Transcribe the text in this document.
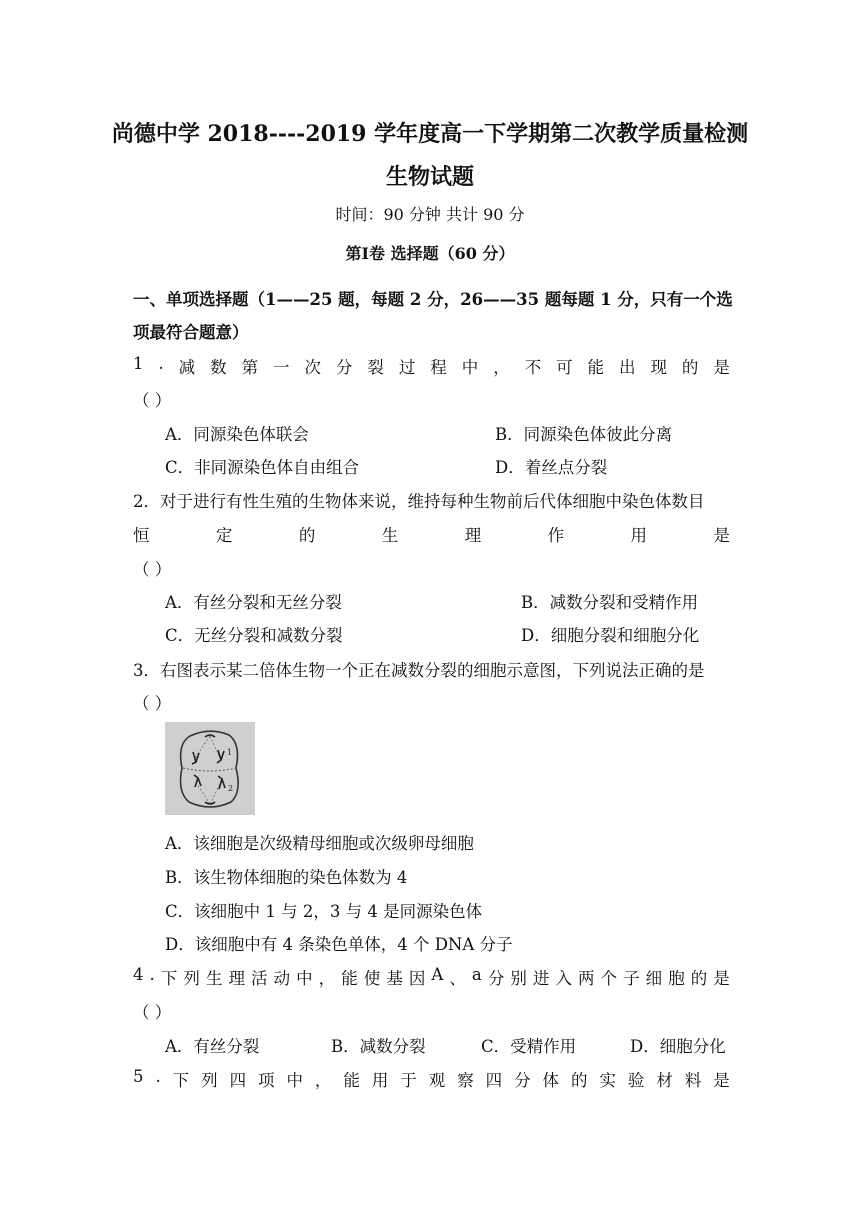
尚德中学 2018----2019 学年度高一下学期第二次教学质量检测
生物试题
时间：90 分钟 共计 90 分
第Ⅰ卷 选择题（60 分）
一、单项选择题（1——25 题，每题 2 分，26——35 题每题 1 分，只有一个选
项最符合题意）
1 . 减 数 第 一 次 分 裂 过 程 中 ， 不 可 能 出 现 的 是
（ ）
A．同源染色体联会	B．同源染色体彼此分离
C．非同源染色体自由组合	D．着丝点分裂
2．对于进行有性生殖的生物体来说，维持每种生物前后代体细胞中染色体数目
恒	定	的	生	理	作	用	是
（ ）
A．有丝分裂和无丝分裂	B．减数分裂和受精作用
C．无丝分裂和减数分裂	D．细胞分裂和细胞分化
3．右图表示某二倍体生物一个正在减数分裂的细胞示意图，下列说法正确的是
（ ）
1
2
A．该细胞是次级精母细胞或次级卵母细胞
B．该生物体细胞的染色体数为 4
C．该细胞中 1 与 2，3 与 4 是同源染色体
D．该细胞中有 4 条染色单体，4 个 DNA 分子
4 . 下 列 生 理 活 动 中 ， 能 使 基 因 A 、 a 分 别 进 入 两 个 子 细 胞 的 是
（ ）
A．有丝分裂	B．减数分裂	C．受精作用	D．细胞分化
5 . 下 列 四 项 中 ， 能 用 于 观 察 四 分 体 的 实 验 材 料 是
